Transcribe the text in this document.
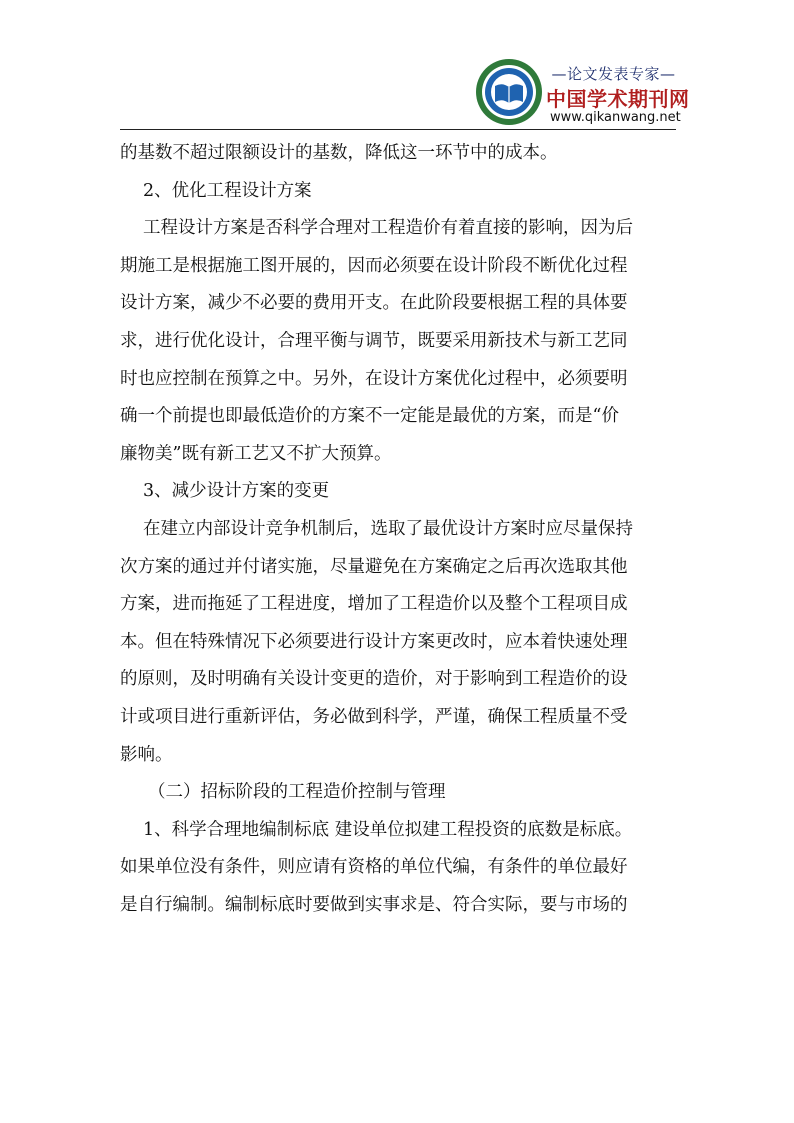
—论文发表专家—
中国学术期刊网
www.qikanwang.net

的基数不超过限额设计的基数，降低这一环节中的成本。

2、优化工程设计方案

工程设计方案是否科学合理对工程造价有着直接的影响，因为后

期施工是根据施工图开展的，因而必须要在设计阶段不断优化过程

设计方案，减少不必要的费用开支。在此阶段要根据工程的具体要

求，进行优化设计，合理平衡与调节，既要采用新技术与新工艺同

时也应控制在预算之中。另外，在设计方案优化过程中，必须要明

确一个前提也即最低造价的方案不一定能是最优的方案，而是“价

廉物美”既有新工艺又不扩大预算。

3、减少设计方案的变更

在建立内部设计竞争机制后，选取了最优设计方案时应尽量保持

次方案的通过并付诸实施，尽量避免在方案确定之后再次选取其他

方案，进而拖延了工程进度，增加了工程造价以及整个工程项目成

本。但在特殊情况下必须要进行设计方案更改时，应本着快速处理

的原则，及时明确有关设计变更的造价，对于影响到工程造价的设

计或项目进行重新评估，务必做到科学，严谨，确保工程质量不受

影响。

（二）招标阶段的工程造价控制与管理

1、科学合理地编制标底 建设单位拟建工程投资的底数是标底。

如果单位没有条件，则应请有资格的单位代编，有条件的单位最好

是自行编制。编制标底时要做到实事求是、符合实际，要与市场的
